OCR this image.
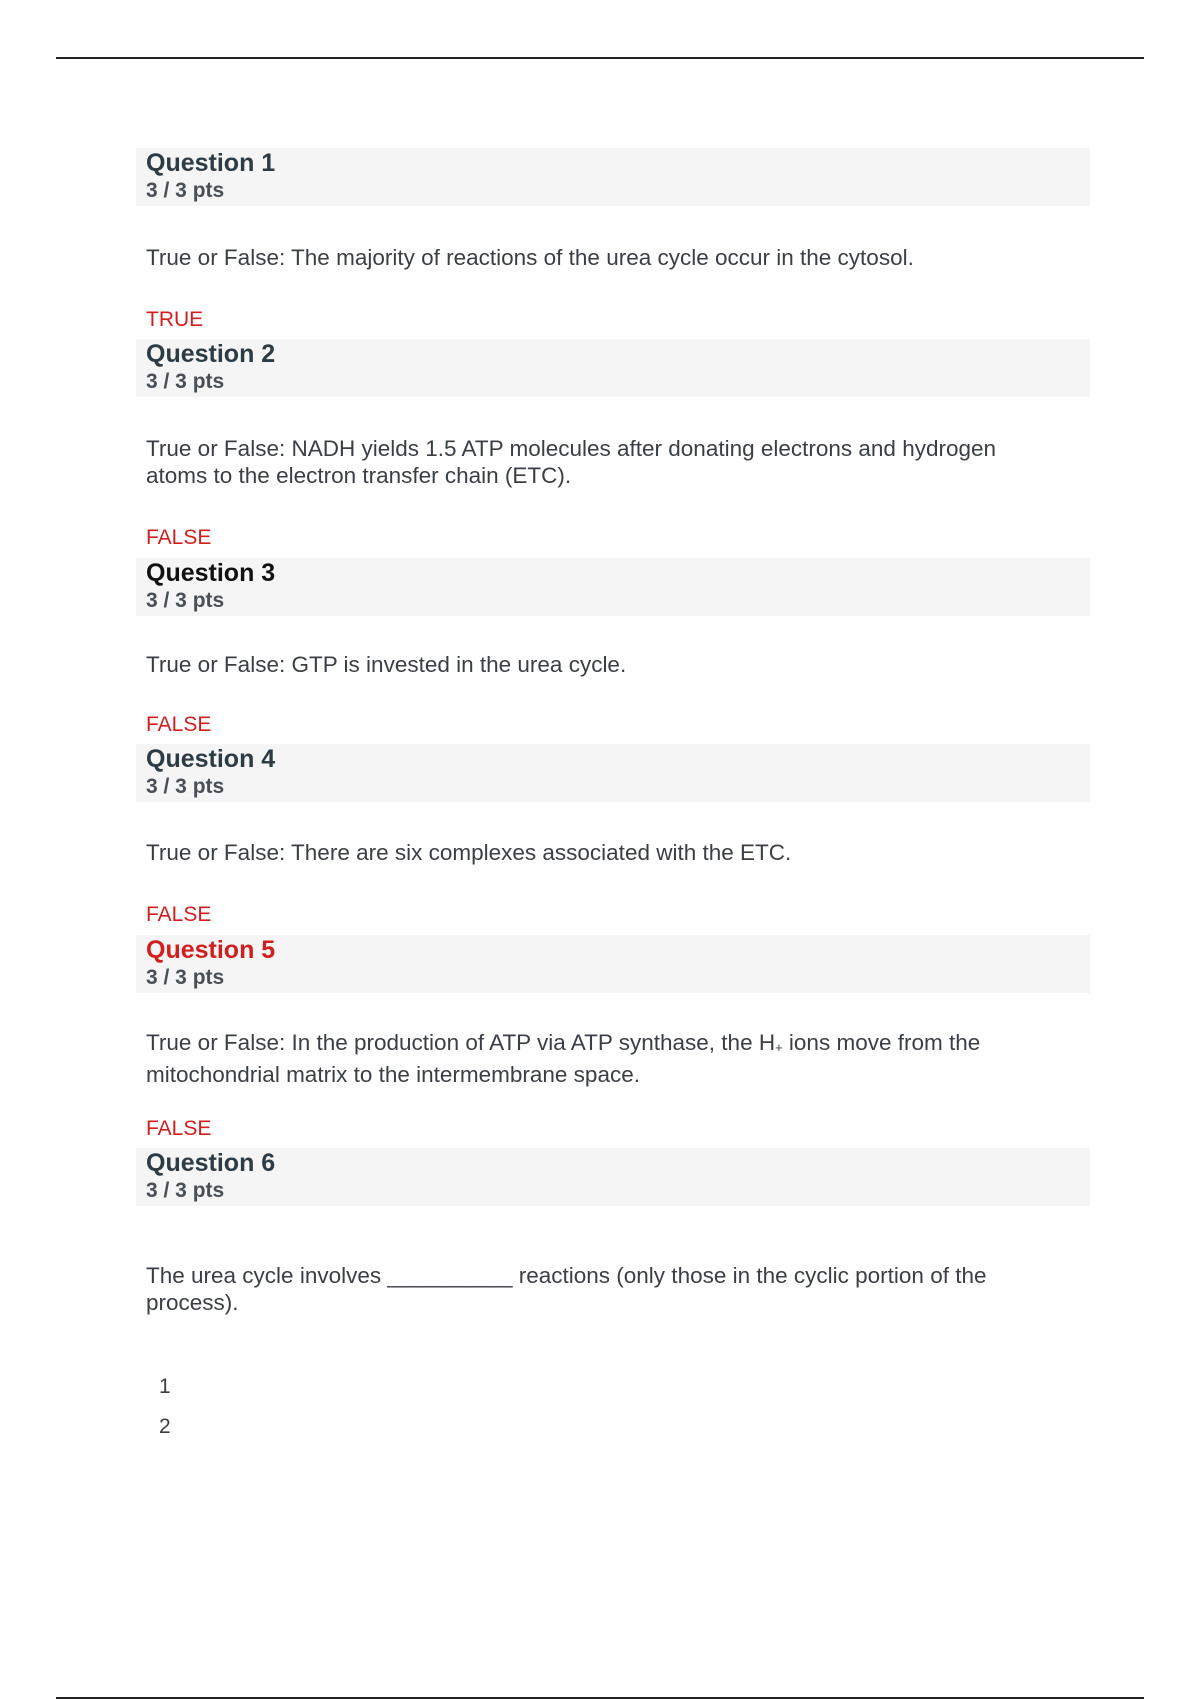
Question 1
3 / 3 pts
True or False: The majority of reactions of the urea cycle occur in the cytosol.
TRUE
Question 2
3 / 3 pts
True or False: NADH yields 1.5 ATP molecules after donating electrons and hydrogen
atoms to the electron transfer chain (ETC).
FALSE
Question 3
3 / 3 pts
True or False: GTP is invested in the urea cycle.
FALSE
Question 4
3 / 3 pts
True or False: There are six complexes associated with the ETC.
FALSE
Question 5
3 / 3 pts
True or False: In the production of ATP via ATP synthase, the H+ ions move from the
mitochondrial matrix to the intermembrane space.
FALSE
Question 6
3 / 3 pts
The urea cycle involves __________ reactions (only those in the cyclic portion of the
process).
1
2
